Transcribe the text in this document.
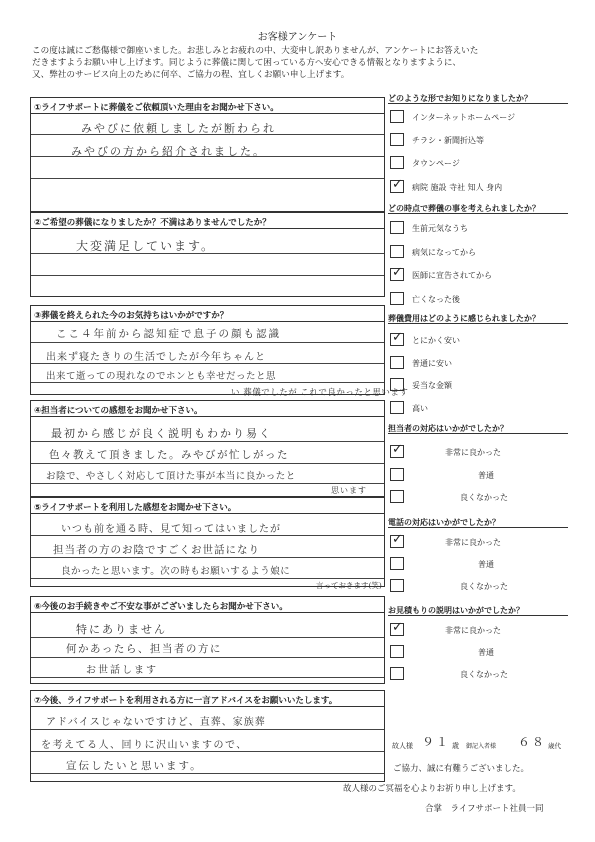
お客様アンケート
この度は誠にご愁傷様で御座いました。お悲しみとお疲れの中、大変申し訳ありませんが、アンケートにお答えいた
だきますようお願い申し上げます。同じように葬儀に関して困っている方へ安心できる情報となりますように、
又、弊社のサービス向上のために何卒、ご協力の程、宜しくお願い申し上げます。
①ライフサポートに葬儀をご依頼頂いた理由をお聞かせ下さい。
みやびに依頼しましたが断わられ
みやびの方から紹介されました。
②ご希望の葬儀になりましたか？不満はありませんでしたか？
大変満足しています。
③葬儀を終えられた今のお気持ちはいかがですか？
ここ４年前から認知症で息子の顔も認識
出来ず寝たきりの生活でしたが今年ちゃんと
出来て逝っての現れなのでホンとも幸せだったと思
い 葬儀でしたが これで良かったと思います
④担当者についての感想をお聞かせ下さい。
最初から感じが良く説明もわかり易く
色々教えて頂きました。みやびが忙しがった
お陰で、やさしく対応して頂けた事が本当に良かったと
思います
⑤ライフサポートを利用した感想をお聞かせ下さい。
いつも前を通る時、見て知ってはいましたが
担当者の方のお陰ですごくお世話になり
良かったと思います。次の時もお願いするよう娘に
言っておきます(笑)
⑥今後のお手続きやご不安な事がございましたらお聞かせ下さい。
特にありません
何かあったら、担当者の方に
お世話します
⑦今後、ライフサポートを利用される方に一言アドバイスをお願いいたします。
アドバイスじゃないですけど、直葬、家族葬
を考えてる人、回りに沢山いますので、
宣伝したいと思います。
どのような形でお知りになりましたか？
インターネットホームページ
チラシ・新聞折込等
タウンページ
✓ 病院 施設 寺社 知人 身内
どの時点で葬儀の事を考えられましたか？
生前元気なうち
病気になってから
✓ 医師に宣告されてから
亡くなった後
葬儀費用はどのように感じられましたか？
✓ とにかく安い
普通に安い
妥当な金額
高い
担当者の対応はいかがでしたか？
✓	非常に良かった
普通
良くなかった
電話の対応はいかがでしたか？
✓	非常に良かった
普通
良くなかった
お見積もりの説明はいかがでしたか？
✓	非常に良かった
普通
良くなかった
故人様 ９１ 歳 御記入者様 ６８ 歳代
ご協力、誠に有難うございました。
故人様のご冥福を心よりお祈り申し上げます。
合掌　ライフサポート社員一同
